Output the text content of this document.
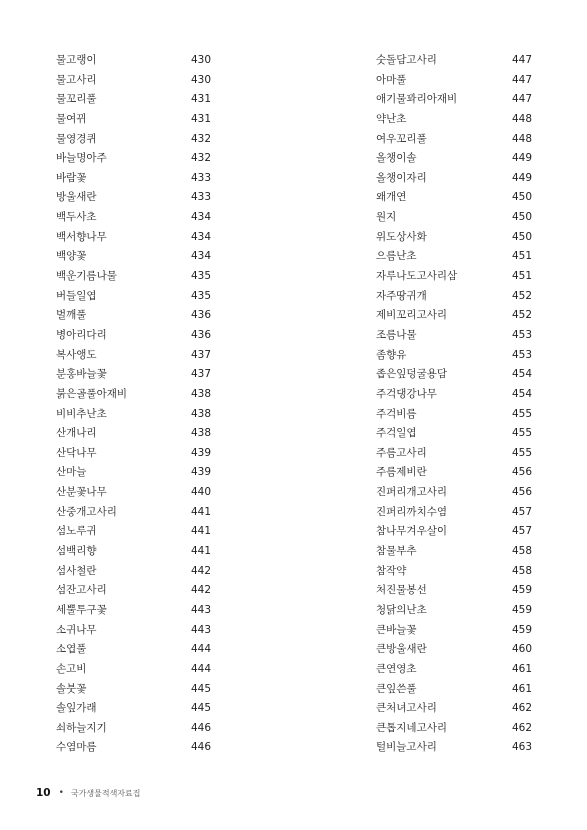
물고랭이	430
물고사리	430
물꼬리풀	431
물여뀌	431
물영경퀴	432
바늘명아주	432
바람꽃	433
방울새란	433
백두사초	434
백서향나무	434
백양꽃	434
백운기름나물	435
버들일엽	435
벌깨풀	436
병아리다리	436
복사앵도	437
분홍바늘꽃	437
붉은골풀아재비	438
비비추난초	438
산개나리	438
산닥나무	439
산마늘	439
산분꽃나무	440
산중개고사리	441
섬노루귀	441
섬백리향	441
섬사철란	442
섬잔고사리	442
세뿔투구꽃	443
소귀나무	443
소엽풀	444
손고비	444
솔붓꽃	445
솔잎가래	445
쇠하늘지기	446
수염마름	446
숫돌담고사리	447
아마풀	447
애기물꽈리아재비	447
약난초	448
여우꼬리풀	448
올챙이솔	449
올챙이자리	449
왜개연	450
원지	450
위도상사화	450
으름난초	451
자루나도고사리삼	451
자주땅귀개	452
제비꼬리고사리	452
조름나물	453
좀향유	453
좁은잎덩굴용담	454
주걱댕강나무	454
주걱비름	455
주걱일엽	455
주름고사리	455
주름제비란	456
진퍼리개고사리	456
진퍼리까치수염	457
참나무겨우살이	457
참물부추	458
참작약	458
처진물봉선	459
청닭의난초	459
큰바늘꽃	459
큰방울새란	460
큰연영초	461
큰잎쓴풀	461
큰처녀고사리	462
큰톱지네고사리	462
털비늘고사리	463
10 • 국가생물적색자료집
